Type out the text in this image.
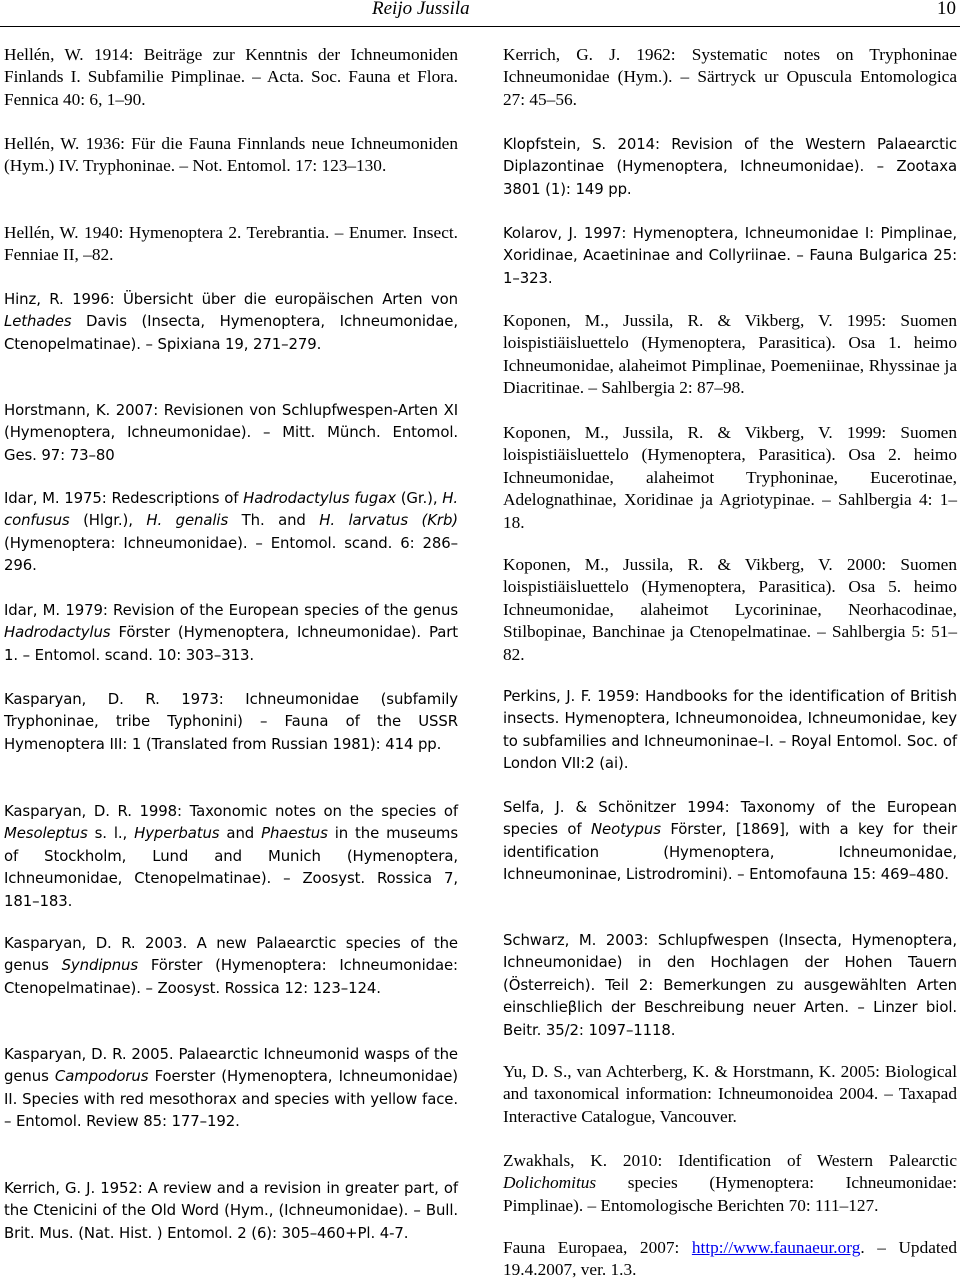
Reijo Jussila	10

Hellén, W. 1914: Beiträge zur Kenntnis der Ichneumoniden Finlands I. Subfamilie Pimplinae. – Acta. Soc. Fauna et Flora. Fennica 40: 6, 1–90.

Hellén, W. 1936: Für die Fauna Finnlands neue Ichneumoniden (Hym.) IV. Tryphoninae. – Not. Entomol. 17: 123–130.

Hellén, W. 1940: Hymenoptera 2. Terebrantia. – Enumer. Insect. Fenniae II, –82.

Hinz, R. 1996: Übersicht über die europäischen Arten von Lethades Davis (Insecta, Hymenoptera, Ichneumonidae, Ctenopelmatinae). – Spixiana 19, 271–279.

Horstmann, K. 2007: Revisionen von Schlupfwespen-Arten XI (Hymenoptera, Ichneumonidae). – Mitt. Münch. Entomol. Ges. 97: 73–80

Idar, M. 1975: Redescriptions of Hadrodactylus fugax (Gr.), H. confusus (Hlgr.), H. genalis Th. and H. larvatus (Krb) (Hymenoptera: Ichneumonidae). – Entomol. scand. 6: 286–296.

Idar, M. 1979: Revision of the European species of the genus Hadrodactylus Förster (Hymenoptera, Ichneumonidae). Part 1. – Entomol. scand. 10: 303–313.

Kasparyan, D. R. 1973: Ichneumonidae (subfamily Tryphoninae, tribe Typhonini) – Fauna of the USSR Hymenoptera III: 1 (Translated from Russian 1981): 414 pp.

Kasparyan, D. R. 1998: Taxonomic notes on the species of Mesoleptus s. l., Hyperbatus and Phaestus in the museums of Stockholm, Lund and Munich (Hymenoptera, Ichneumonidae, Ctenopelmatinae). – Zoosyst. Rossica 7, 181–183.

Kasparyan, D. R. 2003. A new Palaearctic species of the genus Syndipnus Förster (Hymenoptera: Ichneumonidae: Ctenopelmatinae). – Zoosyst. Rossica 12: 123–124.

Kasparyan, D. R. 2005. Palaearctic Ichneumonid wasps of the genus Campodorus Foerster (Hymenoptera, Ichneumonidae) II. Species with red mesothorax and species with yellow face. – Entomol. Review 85: 177–192.

Kerrich, G. J. 1952: A review and a revision in greater part, of the Ctenicini of the Old Word (Hym., (Ichneumonidae). – Bull. Brit. Mus. (Nat. Hist. ) Entomol. 2 (6): 305–460+Pl. 4-7.

Kerrich, G. J. 1962: Systematic notes on Tryphoninae Ichneumonidae (Hym.). – Särtryck ur Opuscula Entomologica 27: 45–56.

Klopfstein, S. 2014: Revision of the Western Palaearctic Diplazontinae (Hymenoptera, Ichneumonidae). – Zootaxa 3801 (1): 149 pp.

Kolarov, J. 1997: Hymenoptera, Ichneumonidae I: Pimplinae, Xoridinae, Acaetininae and Collyriinae. – Fauna Bulgarica 25: 1–323.

Koponen, M., Jussila, R. & Vikberg, V. 1995: Suomen loispistiäisluettelo (Hymenoptera, Parasitica). Osa 1. heimo Ichneumonidae, alaheimot Pimplinae, Poemeniinae, Rhyssinae ja Diacritinae. – Sahlbergia 2: 87–98.

Koponen, M., Jussila, R. & Vikberg, V. 1999: Suomen loispistiäisluettelo (Hymenoptera, Parasitica). Osa 2. heimo Ichneumonidae, alaheimot Tryphoninae, Eucerotinae, Adelognathinae, Xoridinae ja Agriotypinae. – Sahlbergia 4: 1–18.

Koponen, M., Jussila, R. & Vikberg, V. 2000: Suomen loispistiäisluettelo (Hymenoptera, Parasitica). Osa 5. heimo Ichneumonidae, alaheimot Lycorininae, Neorhacodinae, Stilbopinae, Banchinae ja Ctenopelmatinae. – Sahlbergia 5: 51–82.

Perkins, J. F. 1959: Handbooks for the identification of British insects. Hymenoptera, Ichneumonoidea, Ichneumonidae, key to subfamilies and Ichneumoninae–I. – Royal Entomol. Soc. of London VII:2 (ai).

Selfa, J. & Schönitzer 1994: Taxonomy of the European species of Neotypus Förster, [1869], with a key for their identification (Hymenoptera, Ichneumonidae, Ichneumoninae, Listrodromini). – Entomofauna 15: 469–480.

Schwarz, M. 2003: Schlupfwespen (Insecta, Hymenoptera, Ichneumonidae) in den Hochlagen der Hohen Tauern (Österreich). Teil 2: Bemerkungen zu ausgewählten Arten einschlieβlich der Beschreibung neuer Arten. – Linzer biol. Beitr. 35/2: 1097–1118.

Yu, D. S., van Achterberg, K. & Horstmann, K. 2005: Biological and taxonomical information: Ichneumonoidea 2004. – Taxapad Interactive Catalogue, Vancouver.

Zwakhals, K. 2010: Identification of Western Palearctic Dolichomitus species (Hymenoptera: Ichneumonidae: Pimplinae). – Entomologische Berichten 70: 111–127.

Fauna Europaea, 2007: http://www.faunaeur.org. – Updated 19.4.2007, ver. 1.3.
